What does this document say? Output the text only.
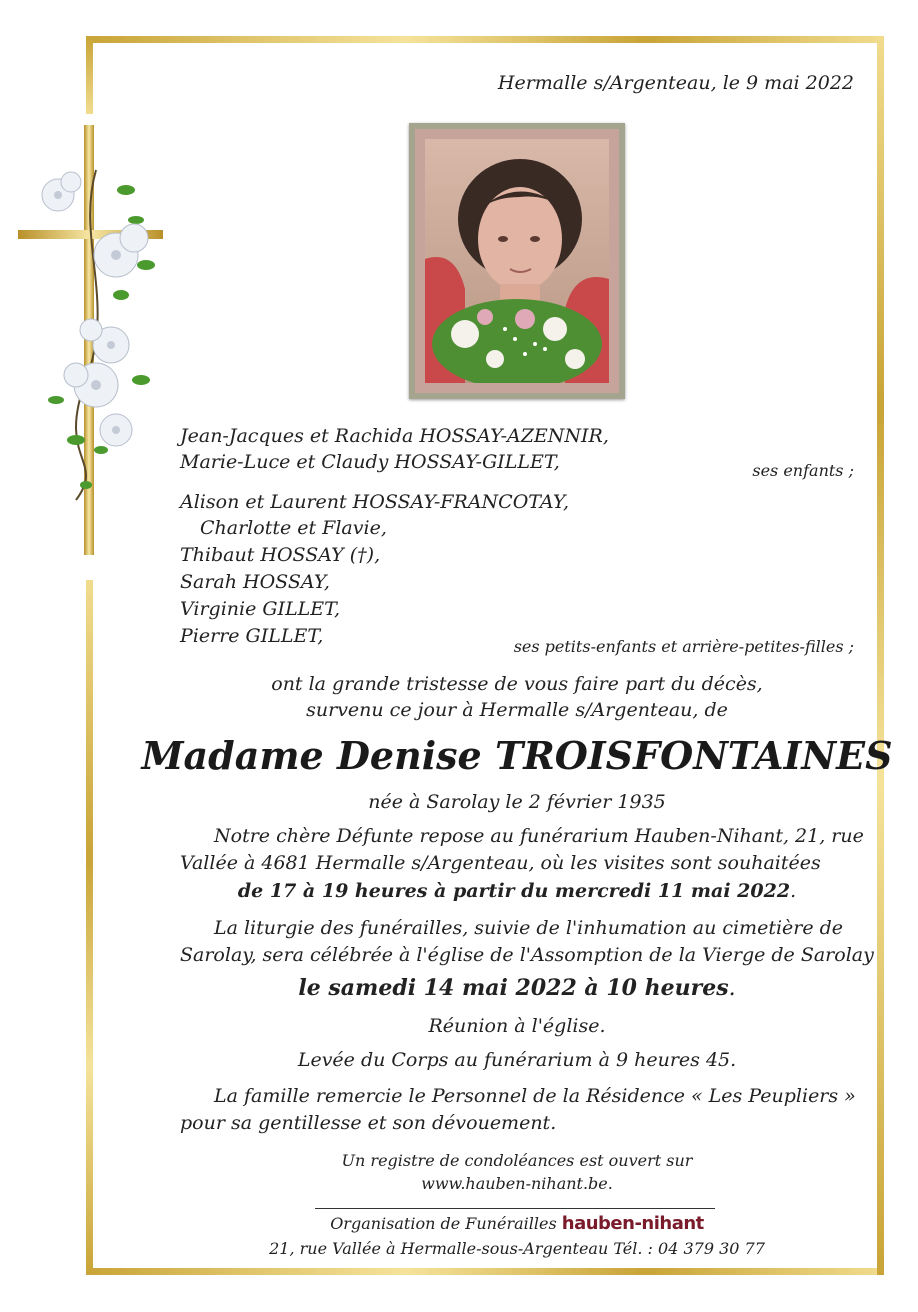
Hermalle s/Argenteau, le 9 mai 2022
Jean-Jacques et Rachida HOSSAY-AZENNIR,
Marie-Luce et Claudy HOSSAY-GILLET,	ses enfants ;
Alison et Laurent HOSSAY-FRANCOTAY,
Charlotte et Flavie,
Thibaut HOSSAY (†),
Sarah HOSSAY,
Virginie GILLET,
Pierre GILLET,	ses petits-enfants et arrière-petites-filles ;
ont la grande tristesse de vous faire part du décès,
survenu ce jour à Hermalle s/Argenteau, de
Madame Denise TROISFONTAINES
née à Sarolay le 2 février 1935
Notre chère Défunte repose au funérarium Hauben-Nihant, 21, rue
Vallée à 4681 Hermalle s/Argenteau, où les visites sont souhaitées
de 17 à 19 heures à partir du mercredi 11 mai 2022.
La liturgie des funérailles, suivie de l'inhumation au cimetière de
Sarolay, sera célébrée à l'église de l'Assomption de la Vierge de Sarolay
le samedi 14 mai 2022 à 10 heures.
Réunion à l'église.
Levée du Corps au funérarium à 9 heures 45.
La famille remercie le Personnel de la Résidence « Les Peupliers »
pour sa gentillesse et son dévouement.
Un registre de condoléances est ouvert sur
www.hauben-nihant.be.
Organisation de Funérailles hauben-nihant
21, rue Vallée à Hermalle-sous-Argenteau Tél. : 04 379 30 77
